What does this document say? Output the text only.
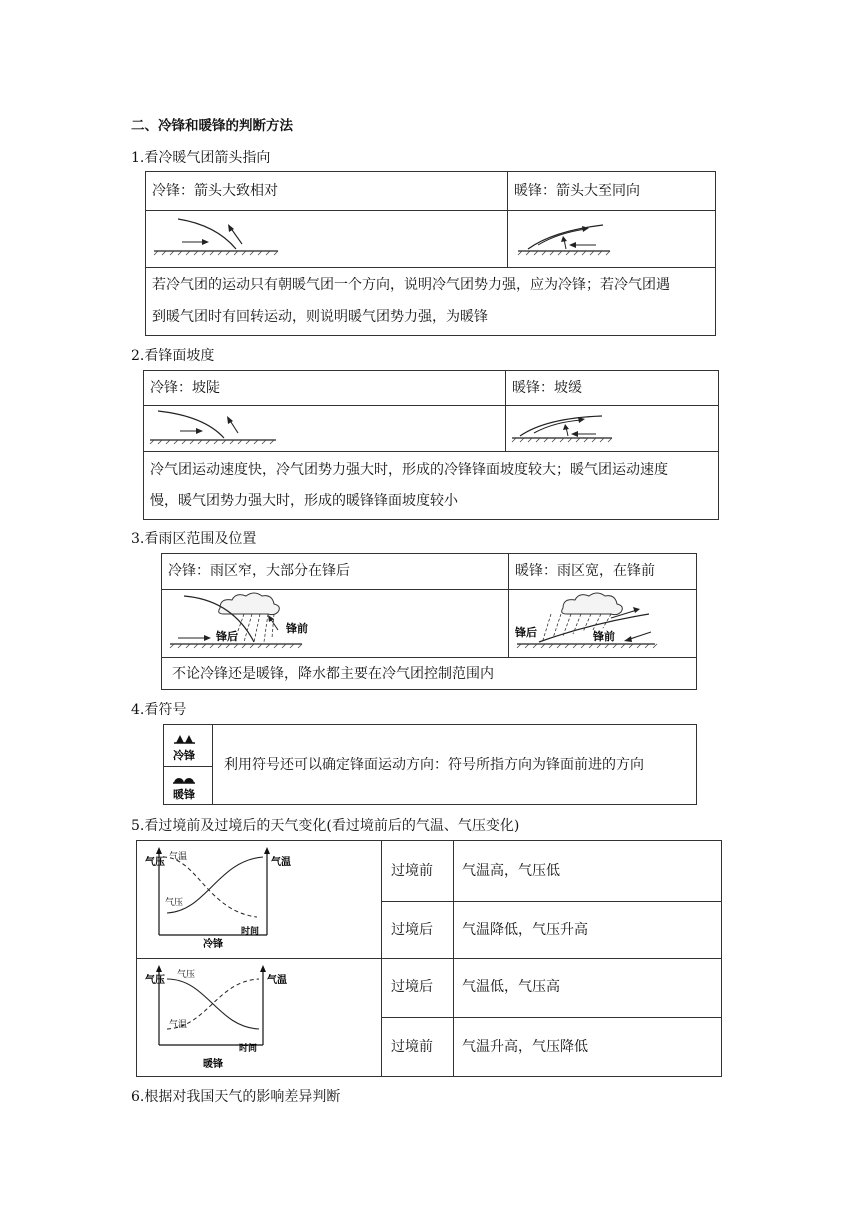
二、冷锋和暖锋的判断方法
1.看冷暖气团箭头指向
冷锋：箭头大致相对	暖锋：箭头大至同向
若冷气团的运动只有朝暖气团一个方向，说明冷气团势力强，应为冷锋；若冷气团遇
到暖气团时有回转运动，则说明暖气团势力强，为暖锋
2.看锋面坡度
冷锋：坡陡	暖锋：坡缓
冷气团运动速度快，冷气团势力强大时，形成的冷锋锋面坡度较大；暖气团运动速度
慢，暖气团势力强大时，形成的暖锋锋面坡度较小
3.看雨区范围及位置
冷锋：雨区窄，大部分在锋后	暖锋：雨区宽，在锋前
锋后
锋前	锋后	锋前
不论冷锋还是暖锋，降水都主要在冷气团控制范围内
4.看符号
冷锋
暖锋
利用符号还可以确定锋面运动方向：符号所指方向为锋面前进的方向
5.看过境前及过境后的天气变化(看过境前后的气温、气压变化)
气压	气温
气温
气压
时间
冷锋
气压	气温
气温
气压
时间
暖锋
过境前 气温高，气压低
过境后 气温降低，气压升高
过境后 气温低，气压高
过境前 气温升高，气压降低
6.根据对我国天气的影响差异判断
